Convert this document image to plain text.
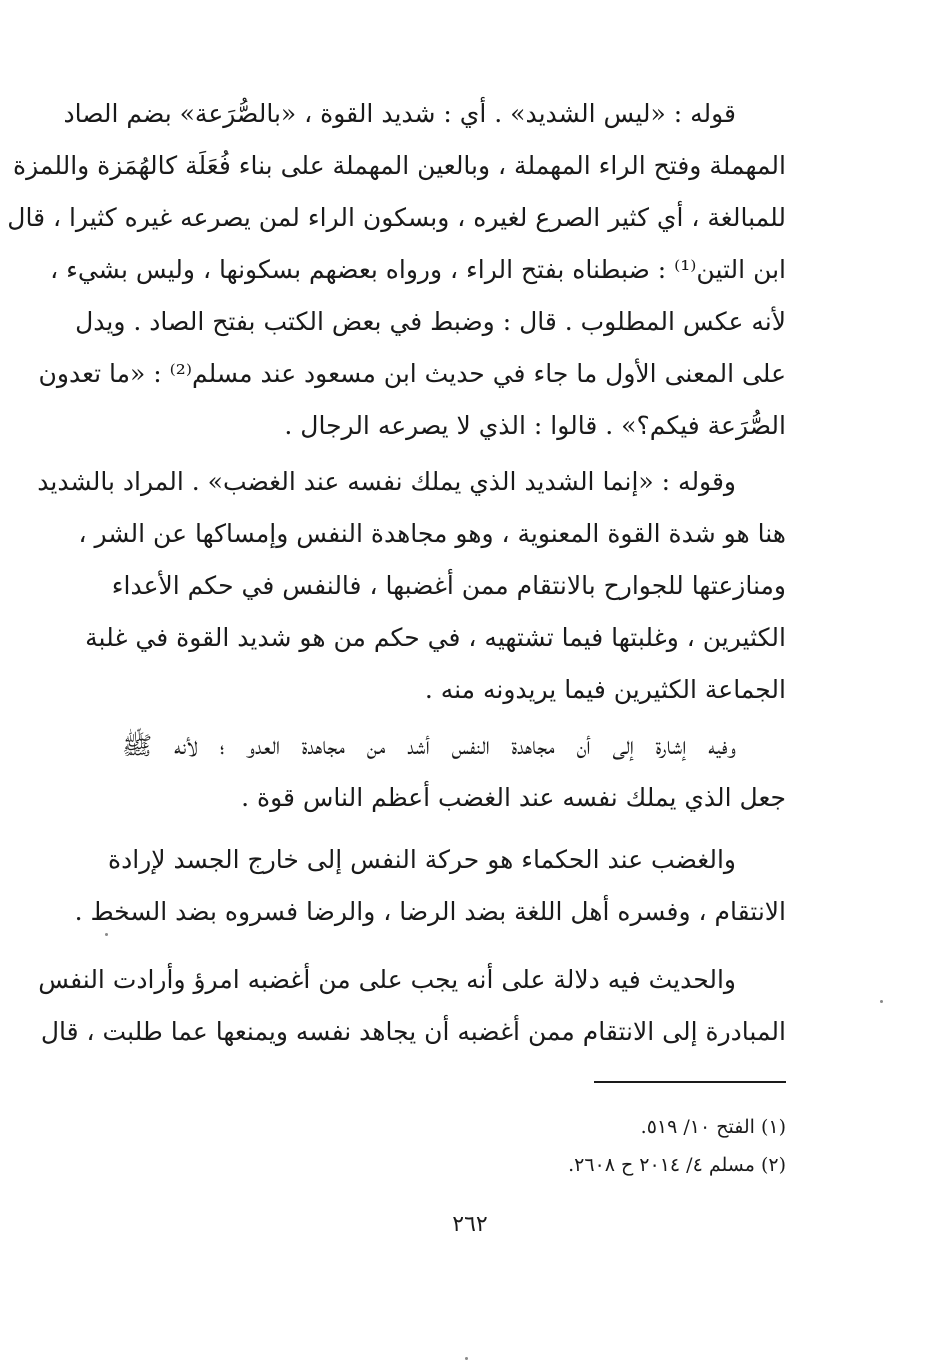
قوله : «ليس الشديد» . أي : شديد القوة ، «بالصُّرَعة» بضم الصاد
المهملة وفتح الراء المهملة ، وبالعين المهملة على بناء فُعَلَة كالهُمَزة واللمزة
للمبالغة ، أي كثير الصرع لغيره ، وبسكون الراء لمن يصرعه غيره كثيرا ، قال
ابن التين⁽¹⁾ : ضبطناه بفتح الراء ، ورواه بعضهم بسكونها ، وليس بشيء ،
لأنه عكس المطلوب . قال : وضبط في بعض الكتب بفتح الصاد . ويدل
على المعنى الأول ما جاء في حديث ابن مسعود عند مسلم⁽²⁾ : «ما تعدون
الصُّرَعة فيكم؟» . قالوا : الذي لا يصرعه الرجال .
وقوله : «إنما الشديد الذي يملك نفسه عند الغضب» . المراد بالشديد
هنا هو شدة القوة المعنوية ، وهو مجاهدة النفس وإمساكها عن الشر ،
ومنازعتها للجوارح بالانتقام ممن أغضبها ، فالنفس في حكم الأعداء
الكثيرين ، وغلبتها فيما تشتهيه ، في حكم من هو شديد القوة في غلبة
الجماعة الكثيرين فيما يريدونه منه .
وفيه إشارة إلى أن مجاهدة النفس أشد من مجاهدة العدو ؛ لأنه ﷺ
جعل الذي يملك نفسه عند الغضب أعظم الناس قوة .
والغضب عند الحكماء هو حركة النفس إلى خارج الجسد لإرادة
الانتقام ، وفسره أهل اللغة بضد الرضا ، والرضا فسروه بضد السخط .
والحديث فيه دلالة على أنه يجب على من أغضبه امرؤ وأرادت النفس
المبادرة إلى الانتقام ممن أغضبه أن يجاهد نفسه ويمنعها عما طلبت ، قال
(١) الفتح ١٠/ ٥١٩.
(٢) مسلم ٤/ ٢٠١٤ ح ٢٦٠٨.
٢٦٢
